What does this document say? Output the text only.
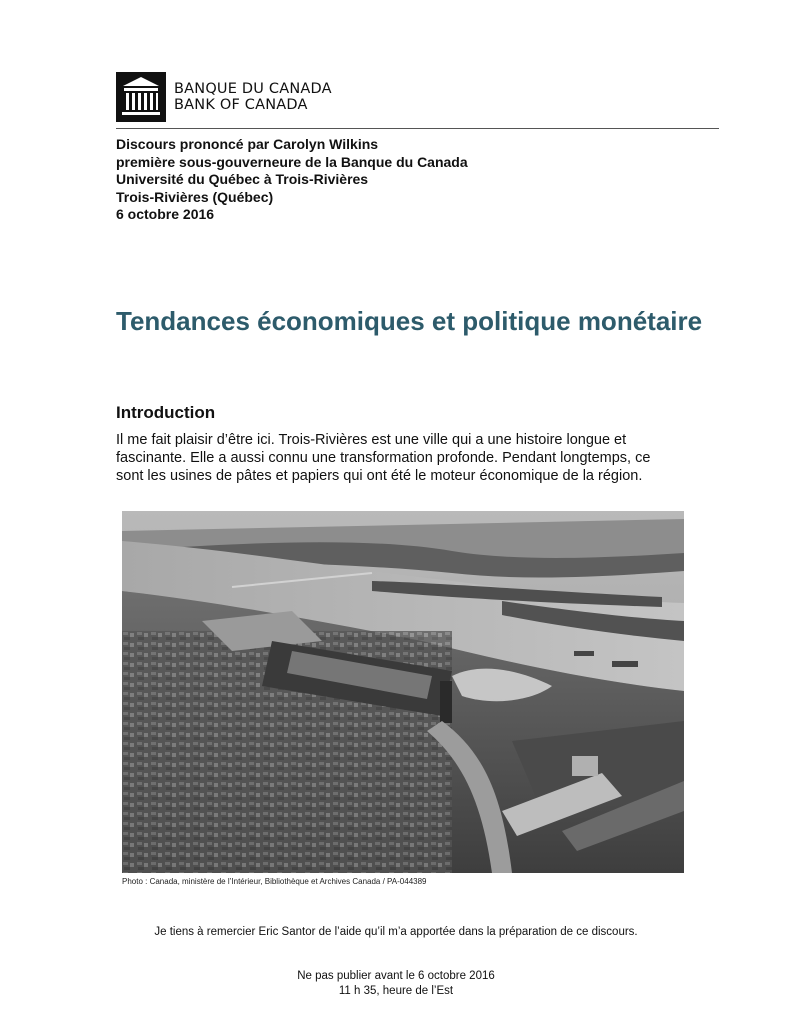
BANQUE DU CANADA
BANK OF CANADA
Discours prononcé par Carolyn Wilkins
première sous-gouverneure de la Banque du Canada
Université du Québec à Trois-Rivières
Trois-Rivières (Québec)
6 octobre 2016
Tendances économiques et politique monétaire
Introduction

Il me fait plaisir d’être ici. Trois-Rivières est une ville qui a une histoire longue et fascinante. Elle a aussi connu une transformation profonde. Pendant longtemps, ce sont les usines de pâtes et papiers qui ont été le moteur économique de la région.

Photo : Canada, ministère de l’Intérieur, Bibliothèque et Archives Canada / PA-044389

Je tiens à remercier Eric Santor de l’aide qu’il m’a apportée dans la préparation de ce discours.

Ne pas publier avant le 6 octobre 2016
11 h 35, heure de l’Est
